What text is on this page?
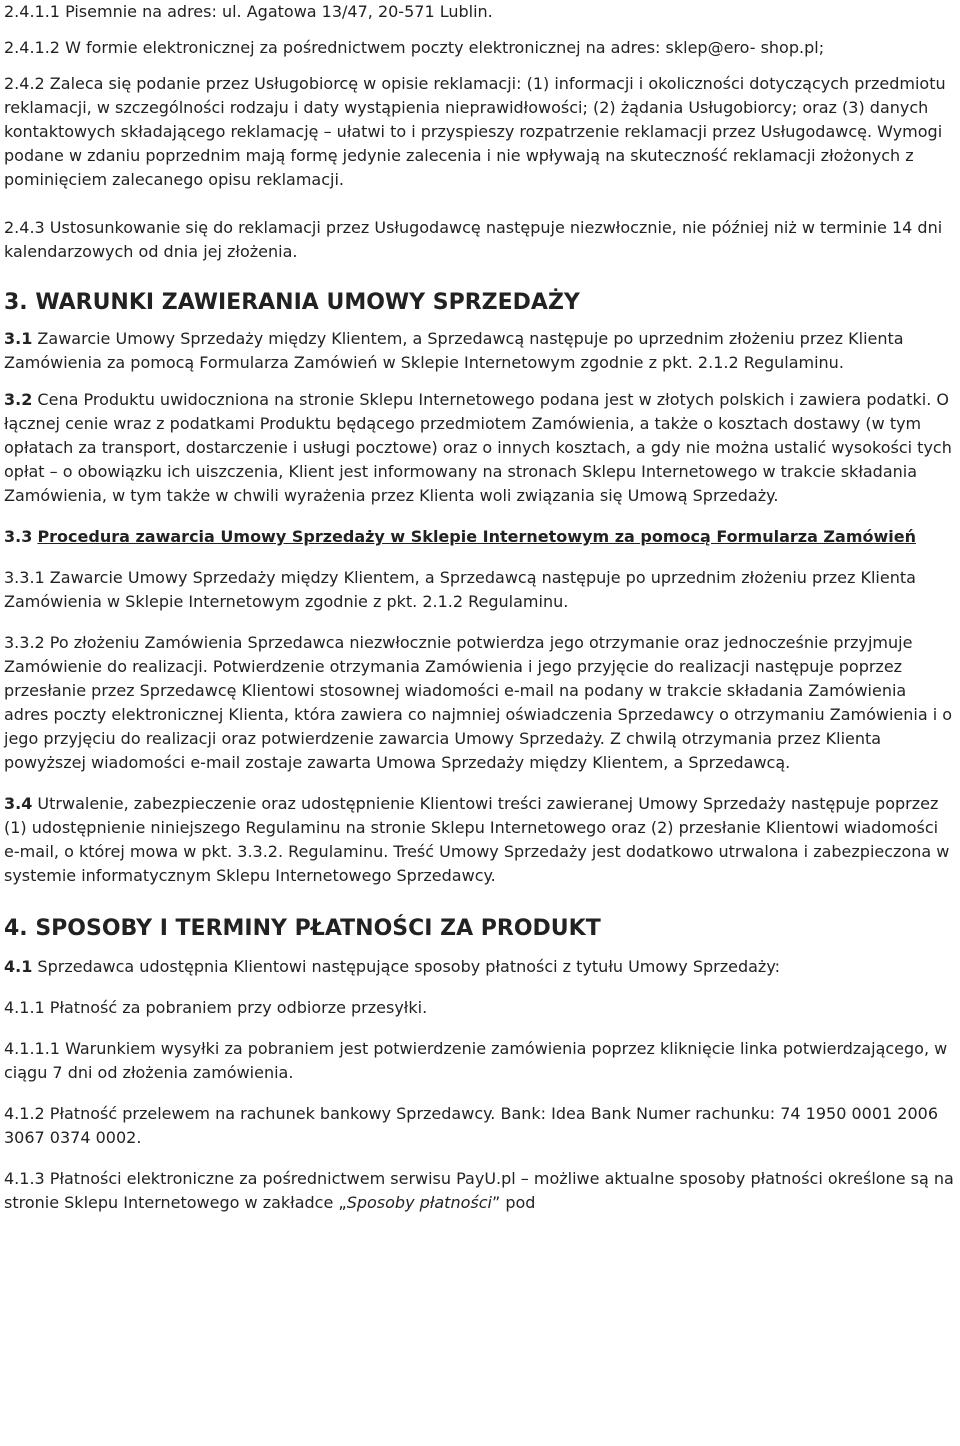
2.4.1.1 Pisemnie na adres: ul. Agatowa 13/47, 20-571 Lublin.

2.4.1.2 W formie elektronicznej za pośrednictwem poczty elektronicznej na adres: sklep@ero- shop.pl;

2.4.2 Zaleca się podanie przez Usługobiorcę w opisie reklamacji: (1) informacji i okoliczności dotyczących przedmiotu reklamacji, w szczególności rodzaju i daty wystąpienia nieprawidłowości; (2) żądania Usługobiorcy; oraz (3) danych kontaktowych składającego reklamację – ułatwi to i przyspieszy rozpatrzenie reklamacji przez Usługodawcę. Wymogi podane w zdaniu poprzednim mają formę jedynie zalecenia i nie wpływają na skuteczność reklamacji złożonych z pominięciem zalecanego opisu reklamacji.

2.4.3 Ustosunkowanie się do reklamacji przez Usługodawcę następuje niezwłocznie, nie później niż w terminie 14 dni kalendarzowych od dnia jej złożenia.

3. WARUNKI ZAWIERANIA UMOWY SPRZEDAŻY

3.1 Zawarcie Umowy Sprzedaży między Klientem, a Sprzedawcą następuje po uprzednim złożeniu przez Klienta Zamówienia za pomocą Formularza Zamówień w Sklepie Internetowym zgodnie z pkt. 2.1.2 Regulaminu.

3.2 Cena Produktu uwidoczniona na stronie Sklepu Internetowego podana jest w złotych polskich i zawiera podatki. O łącznej cenie wraz z podatkami Produktu będącego przedmiotem Zamówienia, a także o kosztach dostawy (w tym opłatach za transport, dostarczenie i usługi pocztowe) oraz o innych kosztach, a gdy nie można ustalić wysokości tych opłat – o obowiązku ich uiszczenia, Klient jest informowany na stronach Sklepu Internetowego w trakcie składania Zamówienia, w tym także w chwili wyrażenia przez Klienta woli związania się Umową Sprzedaży.

3.3 Procedura zawarcia Umowy Sprzedaży w Sklepie Internetowym za pomocą Formularza Zamówień

3.3.1 Zawarcie Umowy Sprzedaży między Klientem, a Sprzedawcą następuje po uprzednim złożeniu przez Klienta Zamówienia w Sklepie Internetowym zgodnie z pkt. 2.1.2 Regulaminu.

3.3.2 Po złożeniu Zamówienia Sprzedawca niezwłocznie potwierdza jego otrzymanie oraz jednocześnie przyjmuje Zamówienie do realizacji. Potwierdzenie otrzymania Zamówienia i jego przyjęcie do realizacji następuje poprzez przesłanie przez Sprzedawcę Klientowi stosownej wiadomości e-mail na podany w trakcie składania Zamówienia adres poczty elektronicznej Klienta, która zawiera co najmniej oświadczenia Sprzedawcy o otrzymaniu Zamówienia i o jego przyjęciu do realizacji oraz potwierdzenie zawarcia Umowy Sprzedaży. Z chwilą otrzymania przez Klienta powyższej wiadomości e-mail zostaje zawarta Umowa Sprzedaży między Klientem, a Sprzedawcą.

3.4 Utrwalenie, zabezpieczenie oraz udostępnienie Klientowi treści zawieranej Umowy Sprzedaży następuje poprzez (1) udostępnienie niniejszego Regulaminu na stronie Sklepu Internetowego oraz (2) przesłanie Klientowi wiadomości e-mail, o której mowa w pkt. 3.3.2. Regulaminu. Treść Umowy Sprzedaży jest dodatkowo utrwalona i zabezpieczona w systemie informatycznym Sklepu Internetowego Sprzedawcy.

4. SPOSOBY I TERMINY PŁATNOŚCI ZA PRODUKT

4.1 Sprzedawca udostępnia Klientowi następujące sposoby płatności z tytułu Umowy Sprzedaży:

4.1.1 Płatność za pobraniem przy odbiorze przesyłki.

4.1.1.1 Warunkiem wysyłki za pobraniem jest potwierdzenie zamówienia poprzez kliknięcie linka potwierdzającego, w ciągu 7 dni od złożenia zamówienia.

4.1.2 Płatność przelewem na rachunek bankowy Sprzedawcy. Bank: Idea Bank Numer rachunku: 74 1950 0001 2006 3067 0374 0002.

4.1.3 Płatności elektroniczne za pośrednictwem serwisu PayU.pl – możliwe aktualne sposoby płatności określone są na stronie Sklepu Internetowego w zakładce „Sposoby płatności” pod
